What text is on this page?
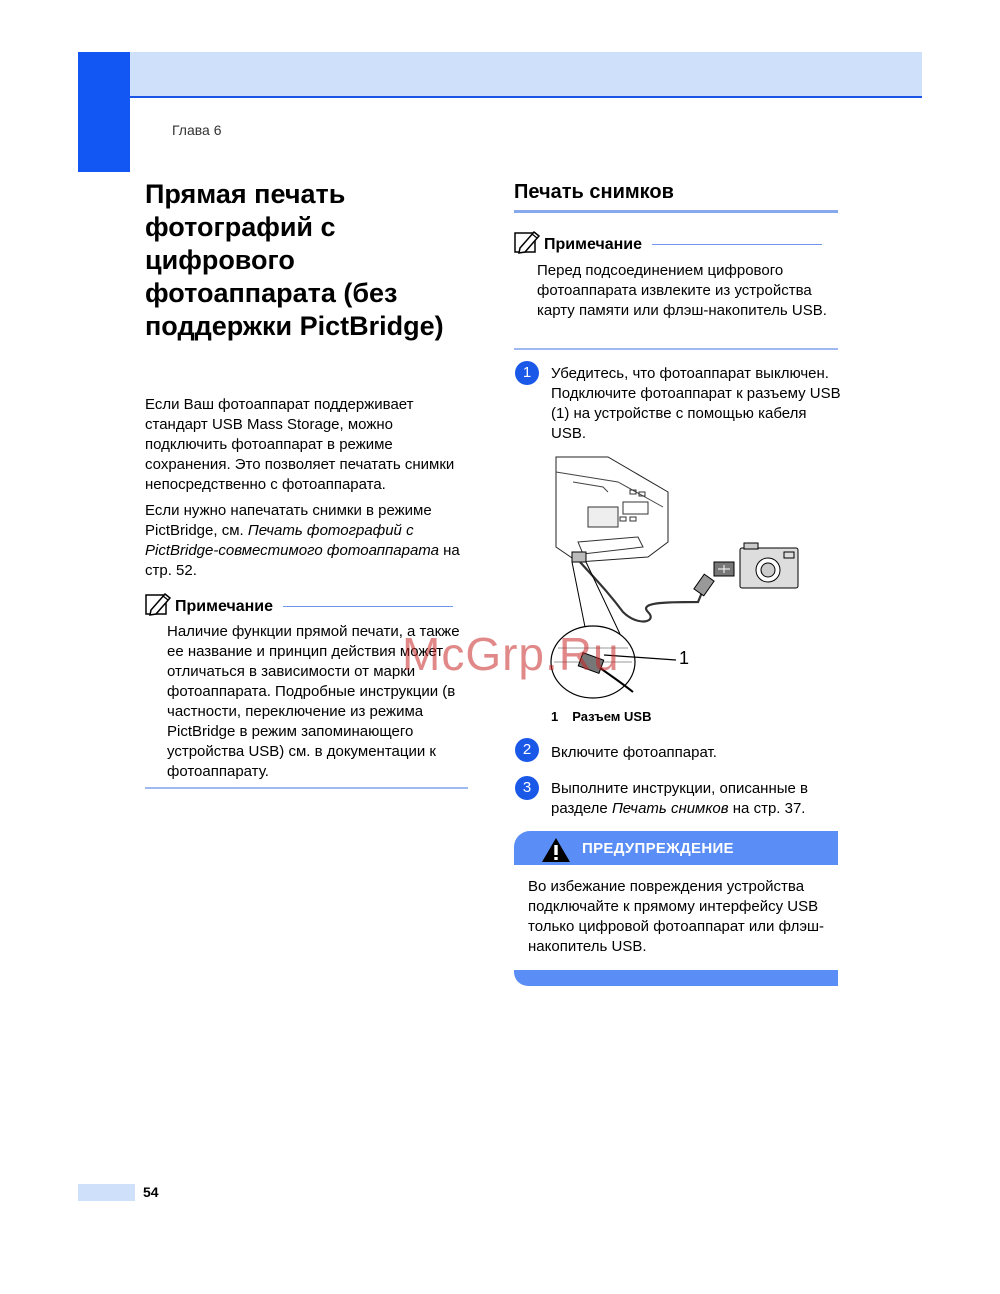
Глава 6
Прямая печать фотографий с цифрового фотоаппарата (без поддержки PictBridge)
Если Ваш фотоаппарат поддерживает стандарт USB Mass Storage, можно подключить фотоаппарат в режиме сохранения. Это позволяет печатать снимки непосредственно с фотоаппарата.
Если нужно напечатать снимки в режиме PictBridge, см. Печать фотографий с PictBridge-совместимого фотоаппарата на стр. 52.
Примечание
Наличие функции прямой печати, а также ее название и принцип действия может отличаться в зависимости от марки фотоаппарата. Подробные инструкции (в частности, переключение из режима PictBridge в режим запоминающего устройства USB) см. в документации к фотоаппарату.
Печать снимков
Примечание
Перед подсоединением цифрового фотоаппарата извлеките из устройства карту памяти или флэш-накопитель USB.
1	Убедитесь, что фотоаппарат выключен. Подключите фотоаппарат к разъему USB (1) на устройстве с помощью кабеля USB.
1
1 Разъем USB
2	Включите фотоаппарат.
3	Выполните инструкции, описанные в разделе Печать снимков на стр. 37.
ПРЕДУПРЕЖДЕНИЕ
Во избежание повреждения устройства подключайте к прямому интерфейсу USB только цифровой фотоаппарат или флэш-накопитель USB.
McGrp.Ru
54
